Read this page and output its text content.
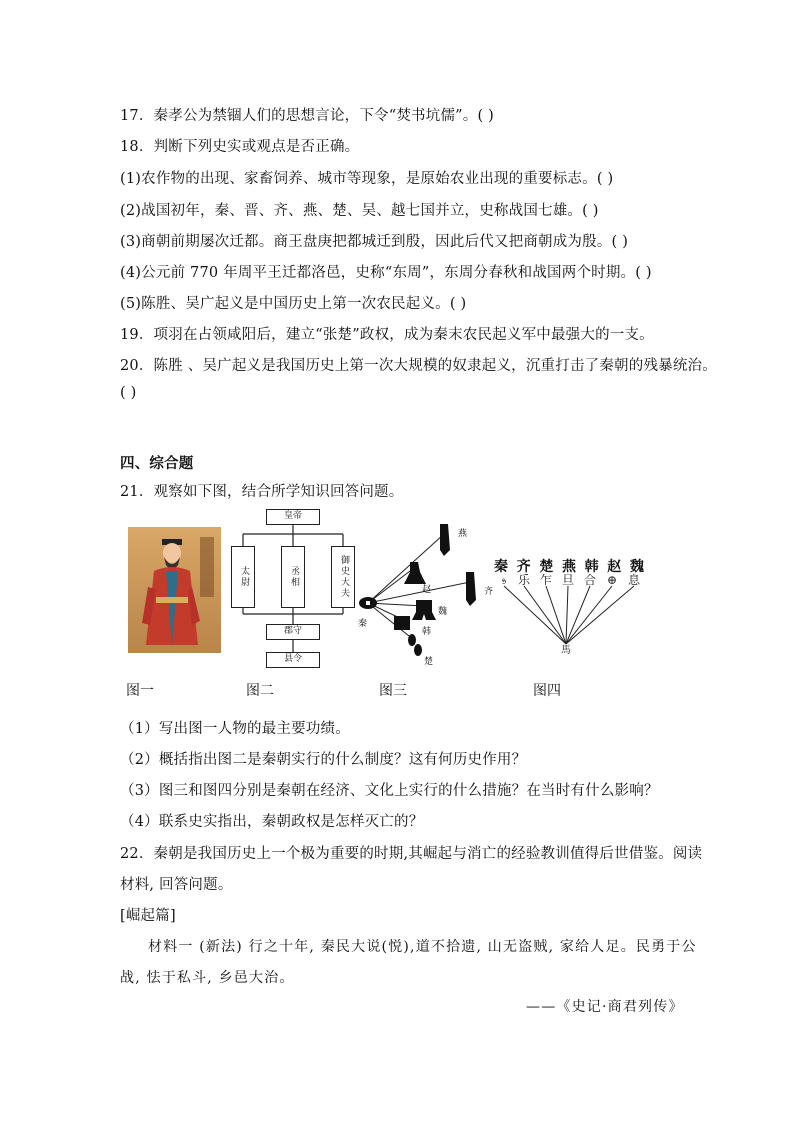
17．秦孝公为禁锢人们的思想言论，下令“焚书坑儒”。( )
18．判断下列史实或观点是否正确。
(1)农作物的出现、家畜饲养、城市等现象，是原始农业出现的重要标志。( )
(2)战国初年，秦、晋、齐、燕、楚、吴、越七国并立，史称战国七雄。( )
(3)商朝前期屡次迁都。商王盘庚把都城迁到殷，因此后代又把商朝成为殷。( )
(4)公元前 770 年周平王迁都洛邑，史称“东周”，东周分春秋和战国两个时期。( )
(5)陈胜、吴广起义是中国历史上第一次农民起义。( )
19．项羽在占领咸阳后，建立“张楚”政权，成为秦末农民起义军中最强大的一支。
20．陈胜 、吴广起义是我国历史上第一次大规模的奴隶起义，沉重打击了秦朝的残暴统治。
( )
四、综合题
21．观察如下图，结合所学知识回答问题。
皇帝
太尉	丞相	御史大夫
郡守
县令
燕
赵	齐
秦
魏
韩
楚
𝔰 乐 乍 旦 合 ⊕ 息
馬
秦 齐 楚 燕 韩 赵 魏
图一	图二	图三	图四
（1）写出图一人物的最主要功绩。
（2）概括指出图二是秦朝实行的什么制度？这有何历史作用？
（3）图三和图四分别是秦朝在经济、文化上实行的什么措施？在当时有什么影响？
（4）联系史实指出，秦朝政权是怎样灭亡的？
22．秦朝是我国历史上一个极为重要的时期,其崛起与消亡的经验教训值得后世借鉴。阅读
材料, 回答问题。
[崛起篇]
材料一 (新法) 行之十年, 秦民大说(悦),道不拾遗, 山无盗贼, 家给人足。民勇于公
战, 怯于私斗, 乡邑大治。
——《史记·商君列传》
